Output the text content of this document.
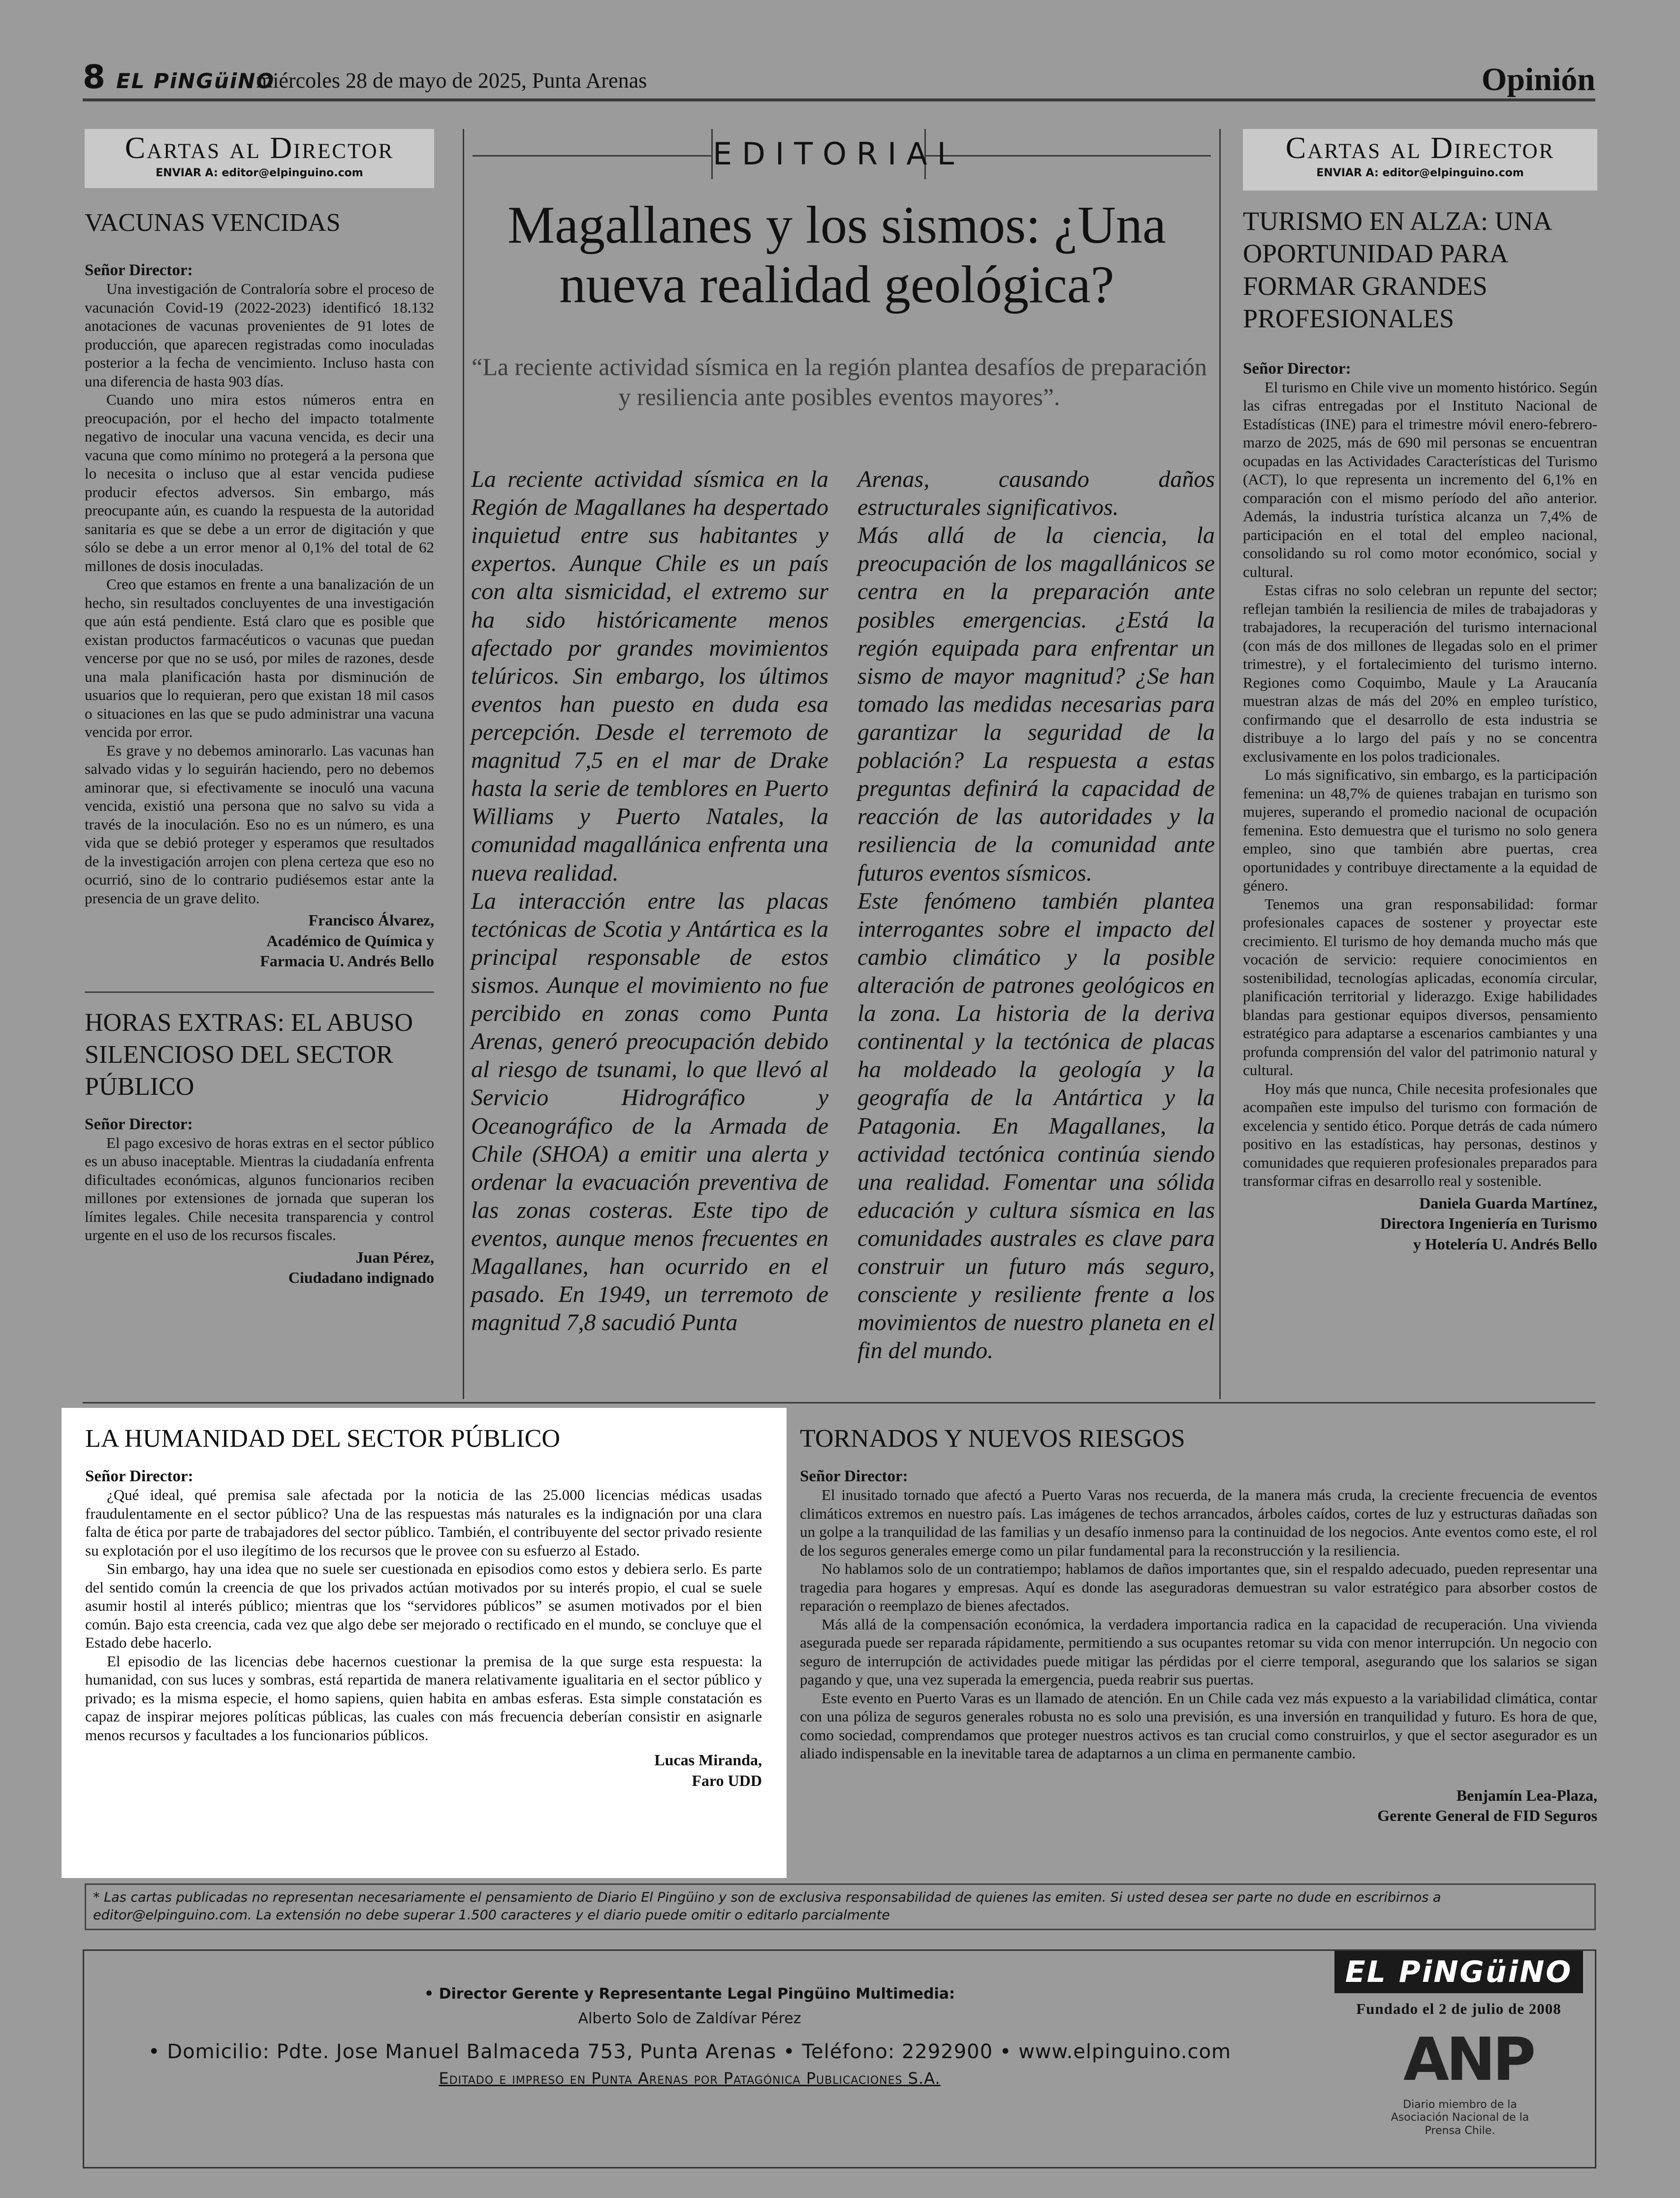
8 EL PiNGüiNO
miércoles 28 de mayo de 2025, Punta Arenas	Opinión
Cartas al Director
ENVIAR A: editor@elpinguino.com
VACUNAS VENCIDAS
Señor Director:

Una investigación de Contraloría sobre el proceso de vacunación Covid-19 (2022-2023) identificó 18.132 anotaciones de vacunas provenientes de 91 lotes de producción, que aparecen registradas como inoculadas posterior a la fecha de vencimiento. Incluso hasta con una diferencia de hasta 903 días.

Cuando uno mira estos números entra en preocupación, por el hecho del impacto totalmente negativo de inocular una vacuna vencida, es decir una vacuna que como mínimo no protegerá a la persona que lo necesita o incluso que al estar vencida pudiese producir efectos adversos. Sin embargo, más preocupante aún, es cuando la respuesta de la autoridad sanitaria es que se debe a un error de digitación y que sólo se debe a un error menor al 0,1% del total de 62 millones de dosis inoculadas.

Creo que estamos en frente a una banalización de un hecho, sin resultados concluyentes de una investigación que aún está pendiente. Está claro que es posible que existan productos farmacéuticos o vacunas que puedan vencerse por que no se usó, por miles de razones, desde una mala planificación hasta por disminución de usuarios que lo requieran, pero que existan 18 mil casos o situaciones en las que se pudo administrar una vacuna vencida por error.

Es grave y no debemos aminorarlo. Las vacunas han salvado vidas y lo seguirán haciendo, pero no debemos aminorar que, si efectivamente se inoculó una vacuna vencida, existió una persona que no salvo su vida a través de la inoculación. Eso no es un número, es una vida que se debió proteger y esperamos que resultados de la investigación arrojen con plena certeza que eso no ocurrió, sino de lo contrario pudiésemos estar ante la presencia de un grave delito.

Francisco Álvarez,
Académico de Química y
Farmacia U. Andrés Bello
HORAS EXTRAS: EL ABUSO SILENCIOSO DEL SECTOR PÚBLICO
Señor Director:

El pago excesivo de horas extras en el sector público es un abuso inaceptable. Mientras la ciudadanía enfrenta dificultades económicas, algunos funcionarios reciben millones por extensiones de jornada que superan los límites legales. Chile necesita transparencia y control urgente en el uso de los recursos fiscales.

Juan Pérez,
Ciudadano indignado
EDITORIAL
Magallanes y los sismos: ¿Una nueva realidad geológica?
“La reciente actividad sísmica en la región plantea desafíos de preparación y resiliencia ante posibles eventos mayores”.

La reciente actividad sísmica en la Región de Magallanes ha despertado inquietud entre sus habitantes y expertos. Aunque Chile es un país con alta sismicidad, el extremo sur ha sido históricamente menos afectado por grandes movimientos telúricos. Sin embargo, los últimos eventos han puesto en duda esa percepción. Desde el terremoto de magnitud 7,5 en el mar de Drake hasta la serie de temblores en Puerto Williams y Puerto Natales, la comunidad magallánica enfrenta una nueva realidad.

La interacción entre las placas tectónicas de Scotia y Antártica es la principal responsable de estos sismos. Aunque el movimiento no fue percibido en zonas como Punta Arenas, generó preocupación debido al riesgo de tsunami, lo que llevó al Servicio Hidrográfico y Oceanográfico de la Armada de Chile (SHOA) a emitir una alerta y ordenar la evacuación preventiva de las zonas costeras. Este tipo de eventos, aunque menos frecuentes en Magallanes, han ocurrido en el pasado. En 1949, un terremoto de magnitud 7,8 sacudió Punta

Arenas, causando daños estructurales significativos.

Más allá de la ciencia, la preocupación de los magallánicos se centra en la preparación ante posibles emergencias. ¿Está la región equipada para enfrentar un sismo de mayor magnitud? ¿Se han tomado las medidas necesarias para garantizar la seguridad de la población? La respuesta a estas preguntas definirá la capacidad de reacción de las autoridades y la resiliencia de la comunidad ante futuros eventos sísmicos.

Este fenómeno también plantea interrogantes sobre el impacto del cambio climático y la posible alteración de patrones geológicos en la zona. La historia de la deriva continental y la tectónica de placas ha moldeado la geología y la geografía de la Antártica y la Patagonia. En Magallanes, la actividad tectónica continúa siendo una realidad. Fomentar una sólida educación y cultura sísmica en las comunidades australes es clave para construir un futuro más seguro, consciente y resiliente frente a los movimientos de nuestro planeta en el fin del mundo.

Cartas al Director
ENVIAR A: editor@elpinguino.com
TURISMO EN ALZA: UNA OPORTUNIDAD PARA FORMAR GRANDES PROFESIONALES
Señor Director:

El turismo en Chile vive un momento histórico. Según las cifras entregadas por el Instituto Nacional de Estadísticas (INE) para el trimestre móvil enero-febrero-marzo de 2025, más de 690 mil personas se encuentran ocupadas en las Actividades Características del Turismo (ACT), lo que representa un incremento del 6,1% en comparación con el mismo período del año anterior. Además, la industria turística alcanza un 7,4% de participación en el total del empleo nacional, consolidando su rol como motor económico, social y cultural.

Estas cifras no solo celebran un repunte del sector; reflejan también la resiliencia de miles de trabajadoras y trabajadores, la recuperación del turismo internacional (con más de dos millones de llegadas solo en el primer trimestre), y el fortalecimiento del turismo interno. Regiones como Coquimbo, Maule y La Araucanía muestran alzas de más del 20% en empleo turístico, confirmando que el desarrollo de esta industria se distribuye a lo largo del país y no se concentra exclusivamente en los polos tradicionales.

Lo más significativo, sin embargo, es la participación femenina: un 48,7% de quienes trabajan en turismo son mujeres, superando el promedio nacional de ocupación femenina. Esto demuestra que el turismo no solo genera empleo, sino que también abre puertas, crea oportunidades y contribuye directamente a la equidad de género.

Tenemos una gran responsabilidad: formar profesionales capaces de sostener y proyectar este crecimiento. El turismo de hoy demanda mucho más que vocación de servicio: requiere conocimientos en sostenibilidad, tecnologías aplicadas, economía circular, planificación territorial y liderazgo. Exige habilidades blandas para gestionar equipos diversos, pensamiento estratégico para adaptarse a escenarios cambiantes y una profunda comprensión del valor del patrimonio natural y cultural.

Hoy más que nunca, Chile necesita profesionales que acompañen este impulso del turismo con formación de excelencia y sentido ético. Porque detrás de cada número positivo en las estadísticas, hay personas, destinos y comunidades que requieren profesionales preparados para transformar cifras en desarrollo real y sostenible.

Daniela Guarda Martínez,
Directora Ingeniería en Turismo
y Hotelería U. Andrés Bello
LA HUMANIDAD DEL SECTOR PÚBLICO
Señor Director:

¿Qué ideal, qué premisa sale afectada por la noticia de las 25.000 licencias médicas usadas fraudulentamente en el sector público? Una de las respuestas más naturales es la indignación por una clara falta de ética por parte de trabajadores del sector público. También, el contribuyente del sector privado resiente su explotación por el uso ilegítimo de los recursos que le provee con su esfuerzo al Estado.

Sin embargo, hay una idea que no suele ser cuestionada en episodios como estos y debiera serlo. Es parte del sentido común la creencia de que los privados actúan motivados por su interés propio, el cual se suele asumir hostil al interés público; mientras que los “servidores públicos” se asumen motivados por el bien común. Bajo esta creencia, cada vez que algo debe ser mejorado o rectificado en el mundo, se concluye que el Estado debe hacerlo.

El episodio de las licencias debe hacernos cuestionar la premisa de la que surge esta respuesta: la humanidad, con sus luces y sombras, está repartida de manera relativamente igualitaria en el sector público y privado; es la misma especie, el homo sapiens, quien habita en ambas esferas. Esta simple constatación es capaz de inspirar mejores políticas públicas, las cuales con más frecuencia deberían consistir en asignarle menos recursos y facultades a los funcionarios públicos.

Lucas Miranda,
Faro UDD
TORNADOS Y NUEVOS RIESGOS
Señor Director:

El inusitado tornado que afectó a Puerto Varas nos recuerda, de la manera más cruda, la creciente frecuencia de eventos climáticos extremos en nuestro país. Las imágenes de techos arrancados, árboles caídos, cortes de luz y estructuras dañadas son un golpe a la tranquilidad de las familias y un desafío inmenso para la continuidad de los negocios. Ante eventos como este, el rol de los seguros generales emerge como un pilar fundamental para la reconstrucción y la resiliencia.

No hablamos solo de un contratiempo; hablamos de daños importantes que, sin el respaldo adecuado, pueden representar una tragedia para hogares y empresas. Aquí es donde las aseguradoras demuestran su valor estratégico para absorber costos de reparación o reemplazo de bienes afectados.

Más allá de la compensación económica, la verdadera importancia radica en la capacidad de recuperación. Una vivienda asegurada puede ser reparada rápidamente, permitiendo a sus ocupantes retomar su vida con menor interrupción. Un negocio con seguro de interrupción de actividades puede mitigar las pérdidas por el cierre temporal, asegurando que los salarios se sigan pagando y que, una vez superada la emergencia, pueda reabrir sus puertas.

Este evento en Puerto Varas es un llamado de atención. En un Chile cada vez más expuesto a la variabilidad climática, contar con una póliza de seguros generales robusta no es solo una previsión, es una inversión en tranquilidad y futuro. Es hora de que, como sociedad, comprendamos que proteger nuestros activos es tan crucial como construirlos, y que el sector asegurador es un aliado indispensable en la inevitable tarea de adaptarnos a un clima en permanente cambio.

Benjamín Lea-Plaza,
Gerente General de FID Seguros
* Las cartas publicadas no representan necesariamente el pensamiento de Diario El Pingüino y son de exclusiva responsabilidad de quienes las emiten. Si usted desea ser parte no dude en escribirnos a editor@elpinguino.com. La extensión no debe superar 1.500 caracteres y el diario puede omitir o editarlo parcialmente
• Director Gerente y Representante Legal Pingüino Multimedia:
Alberto Solo de Zaldívar Pérez
• Domicilio: Pdte. Jose Manuel Balmaceda 753, Punta Arenas • Teléfono: 2292900 • www.elpinguino.com
Editado e impreso en Punta Arenas por Patagónica Publicaciones S.A.
EL PiNGüiNO
Fundado el 2 de julio de 2008
ANP
Diario miembro de la Asociación Nacional de la Prensa Chile.
